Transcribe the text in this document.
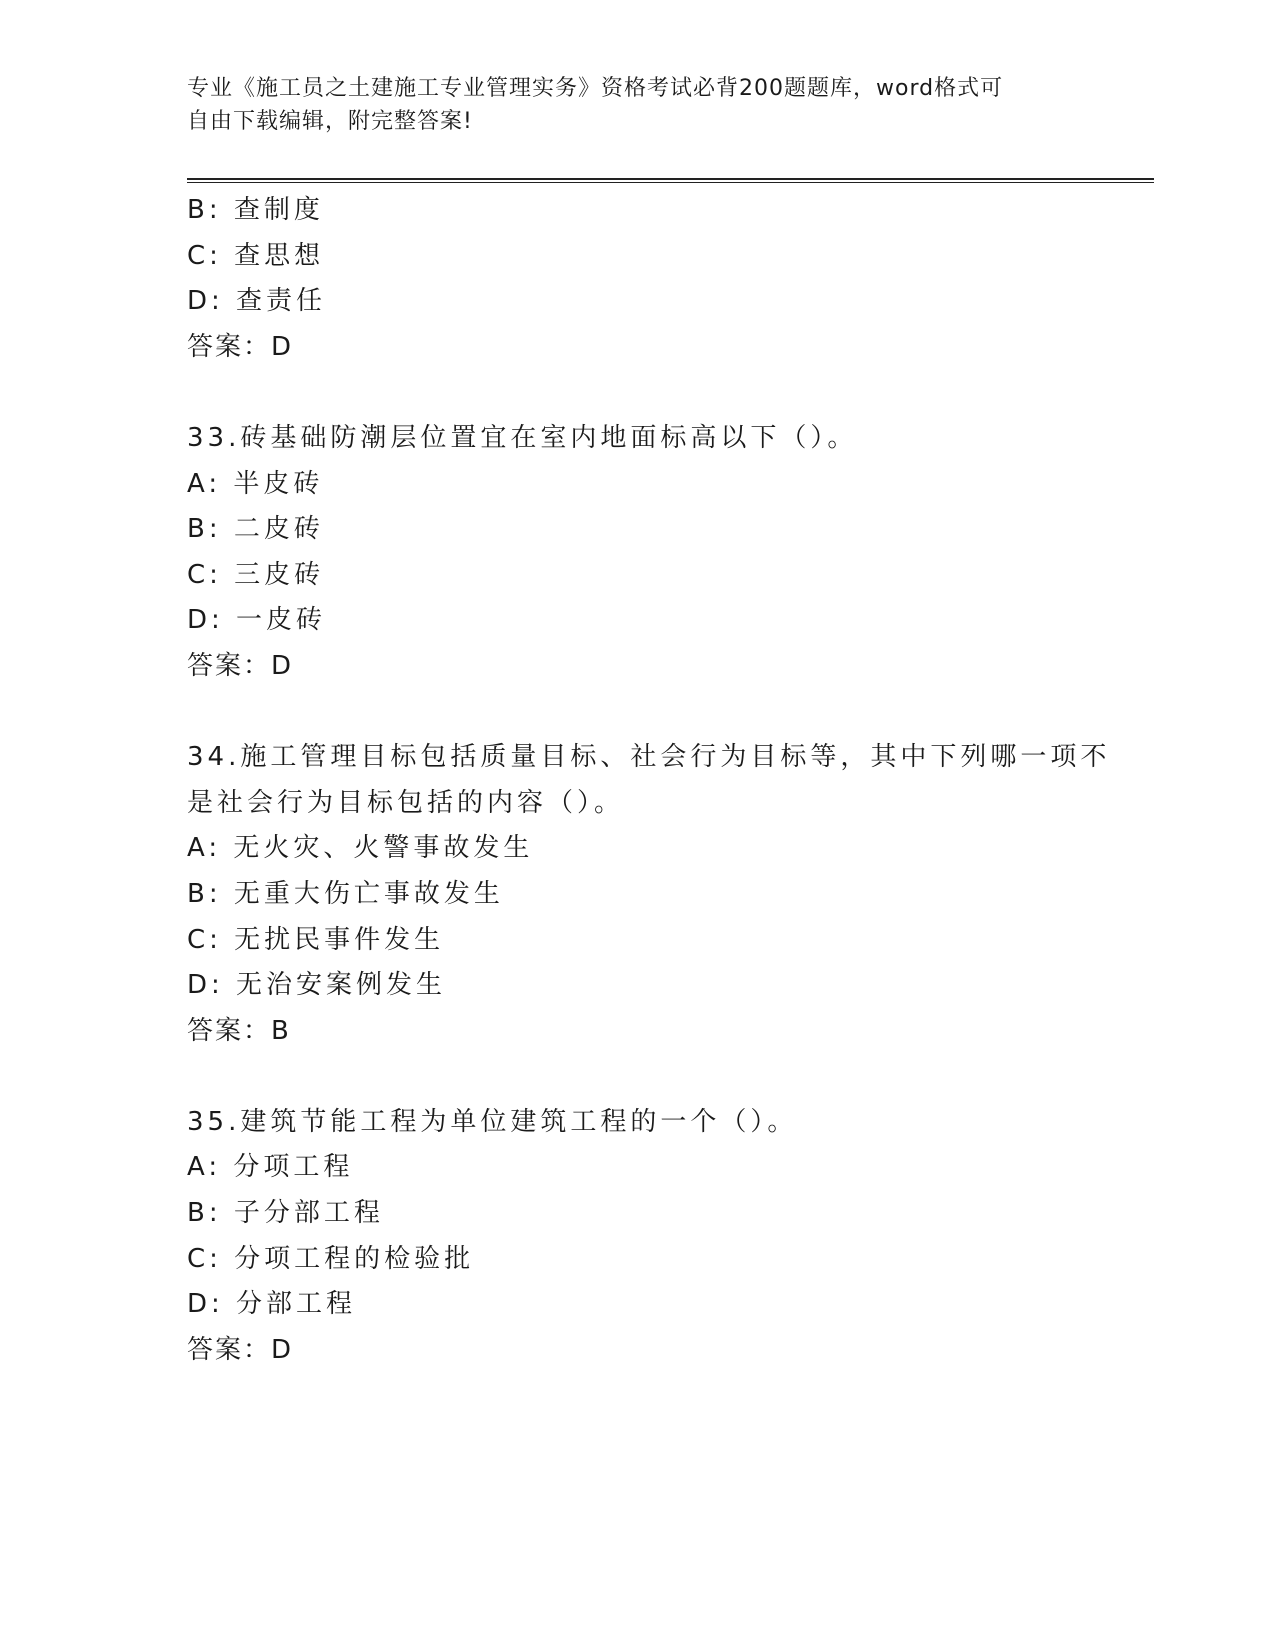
专业《施工员之土建施工专业管理实务》资格考试必背200题题库，word格式可
自由下载编辑，附完整答案!
B: 查制度
C: 查思想
D: 查责任
答案：D
33.砖基础防潮层位置宜在室内地面标高以下（）。
A: 半皮砖
B: 二皮砖
C: 三皮砖
D: 一皮砖
答案：D
34.施工管理目标包括质量目标、社会行为目标等，其中下列哪一项不
是社会行为目标包括的内容（）。
A: 无火灾、火警事故发生
B: 无重大伤亡事故发生
C: 无扰民事件发生
D: 无治安案例发生
答案：B
35.建筑节能工程为单位建筑工程的一个（）。
A: 分项工程
B: 子分部工程
C: 分项工程的检验批
D: 分部工程
答案：D
